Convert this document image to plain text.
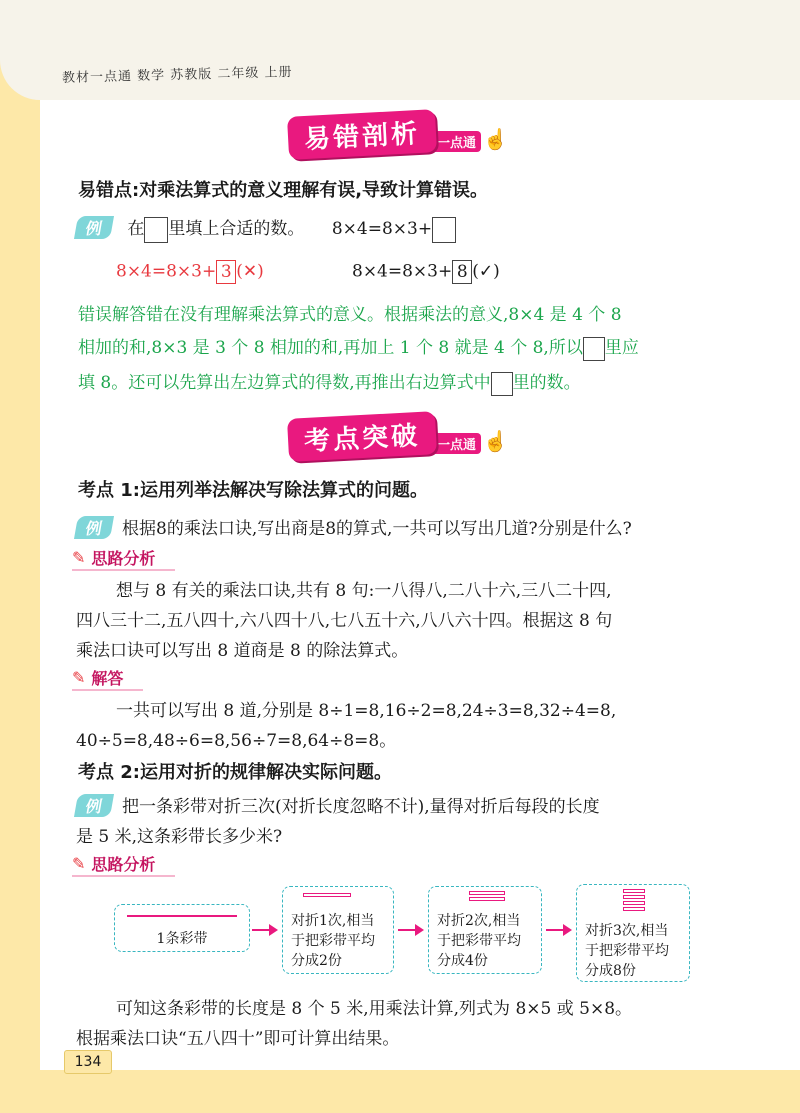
教材一点通 数学 苏教版 二年级 上册
易错剖析	一点通 ☝
易错点:对乘法算式的意义理解有误,导致计算错误。
例 在 里填上合适的数。 8×4=8×3+
8×4=8×3+ 3 (✕)	8×4=8×3+ 8 (✓)
错误解答错在没有理解乘法算式的意义。根据乘法的意义,8×4 是 4 个 8
相加的和,8×3 是 3 个 8 相加的和,再加上 1 个 8 就是 4 个 8,所以 里应
填 8。还可以先算出左边算式的得数,再推出右边算式中 里的数。
考点突破	一点通 ☝
考点 1:运用列举法解决写除法算式的问题。
例 根据8的乘法口诀,写出商是8的算式,一共可以写出几道?分别是什么?
✎ 思路分析
想与 8 有关的乘法口诀,共有 8 句:一八得八,二八十六,三八二十四,
四八三十二,五八四十,六八四十八,七八五十六,八八六十四。根据这 8 句
乘法口诀可以写出 8 道商是 8 的除法算式。
✎ 解答
一共可以写出 8 道,分别是 8÷1=8,16÷2=8,24÷3=8,32÷4=8,
40÷5=8,48÷6=8,56÷7=8,64÷8=8。
考点 2:运用对折的规律解决实际问题。
例 把一条彩带对折三次(对折长度忽略不计),量得对折后每段的长度
是 5 米,这条彩带长多少米?
✎ 思路分析
1条彩带
对折1次,相当
于把彩带平均
分成2份
对折2次,相当
于把彩带平均
分成4份
对折3次,相当
于把彩带平均
分成8份
可知这条彩带的长度是 8 个 5 米,用乘法计算,列式为 8×5 或 5×8。
根据乘法口诀“五八四十”即可计算出结果。
134
